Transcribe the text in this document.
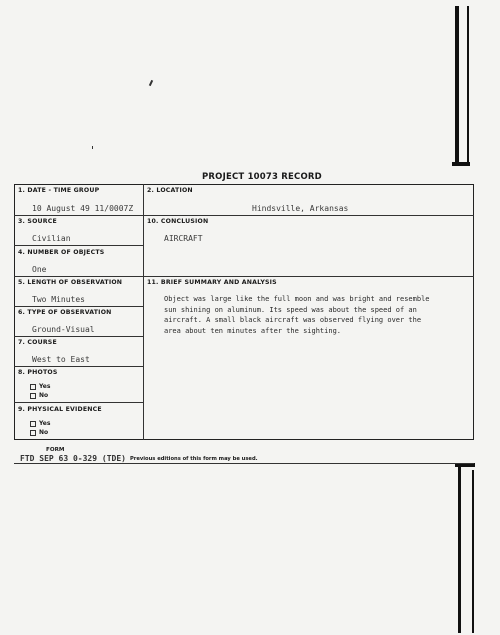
PROJECT 10073 RECORD
1. DATE - TIME GROUP
10 August 49 11/0007Z
2. LOCATION
Hindsville, Arkansas
3. SOURCE
Civilian
10. CONCLUSION
AIRCRAFT
4. NUMBER OF OBJECTS
One
5. LENGTH OF OBSERVATION
Two Minutes
11. BRIEF SUMMARY AND ANALYSIS
Object was large like the full moon and was bright and resemble
sun shining on aluminum. Its speed was about the speed of an
aircraft. A small black aircraft was observed flying over the
area about ten minutes after the sighting.
6. TYPE OF OBSERVATION
Ground-Visual
7. COURSE
West to East
8. PHOTOS
Yes
No
9. PHYSICAL EVIDENCE
Yes
No
FORM
FTD SEP 63 0-329 (TDE) Previous editions of this form may be used.
